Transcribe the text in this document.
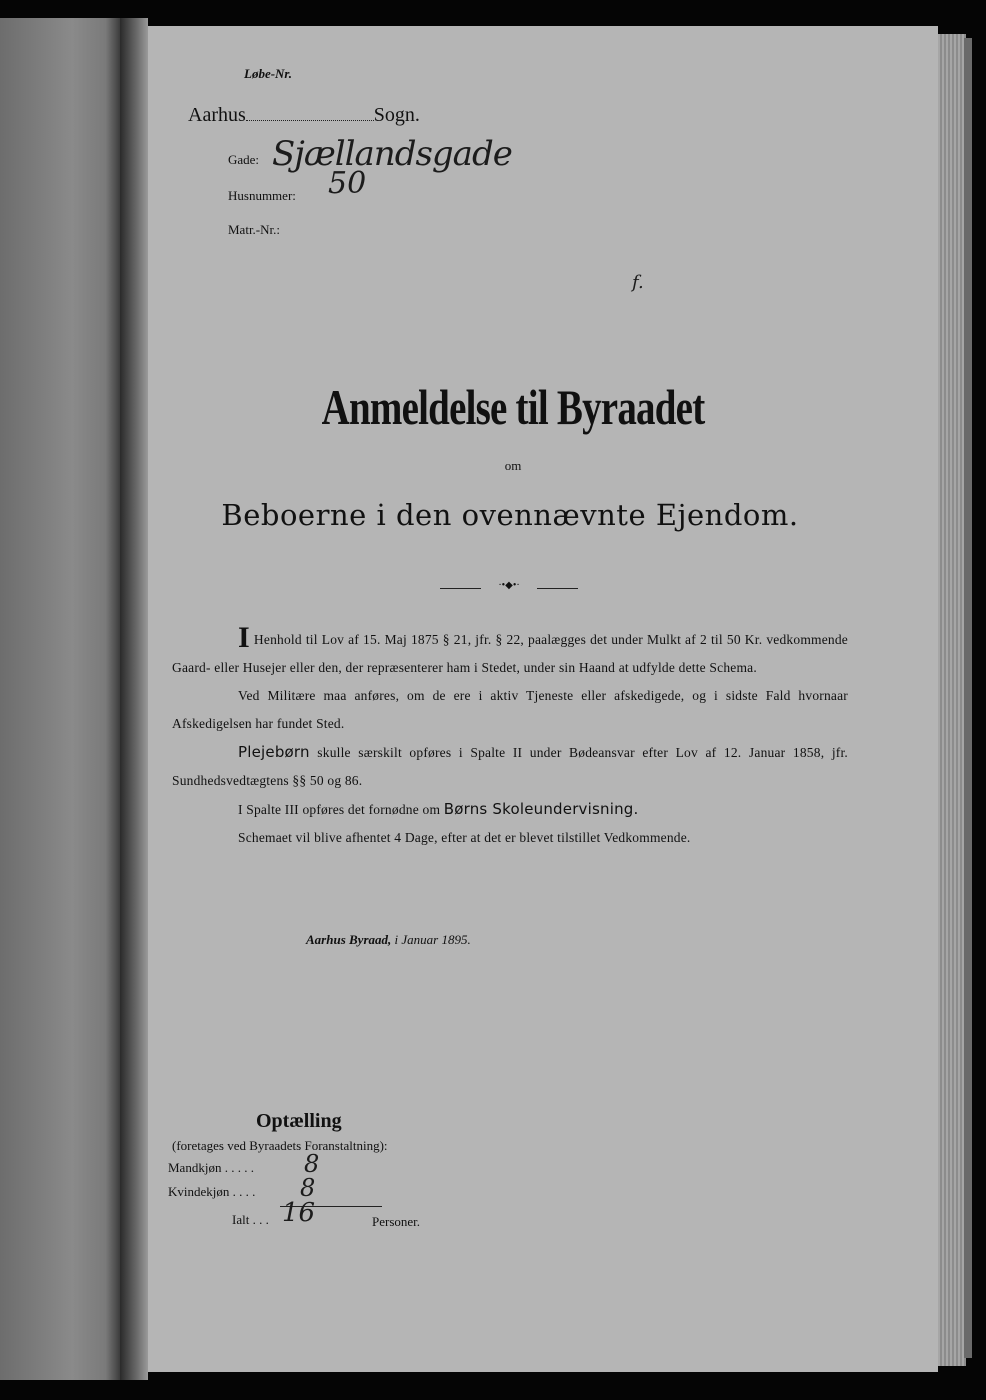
Løbe-Nr.
Aarhus	Sogn.
Gade: Sjællandsgade
Husnummer: 50
Matr.-Nr.:
f.
Anmeldelse til Byraadet
om
Beboerne i den ovennævnte Ejendom.
·•◆•·

I Henhold til Lov af 15. Maj 1875 § 21, jfr. § 22, paalægges det under Mulkt af 2 til 50 Kr. vedkommende Gaard- eller Husejer eller den, der repræsenterer ham i Stedet, under sin Haand at udfylde dette Schema.

Ved Militære maa anføres, om de ere i aktiv Tjeneste eller afskedigede, og i sidste Fald hvornaar Afskedigelsen har fundet Sted.

Plejebørn skulle særskilt opføres i Spalte II under Bødeansvar efter Lov af 12. Januar 1858, jfr. Sundhedsvedtægtens §§ 50 og 86.

I Spalte III opføres det fornødne om Børns Skoleundervisning.

Schemaet vil blive afhentet 4 Dage, efter at det er blevet tilstillet Vedkommende.

Aarhus Byraad, i Januar 1895.
Optælling
(foretages ved Byraadets Foranstaltning):
Mandkjøn . . . . . 8
Kvindekjøn . . . . 8
Ialt . . . 16	Personer.
